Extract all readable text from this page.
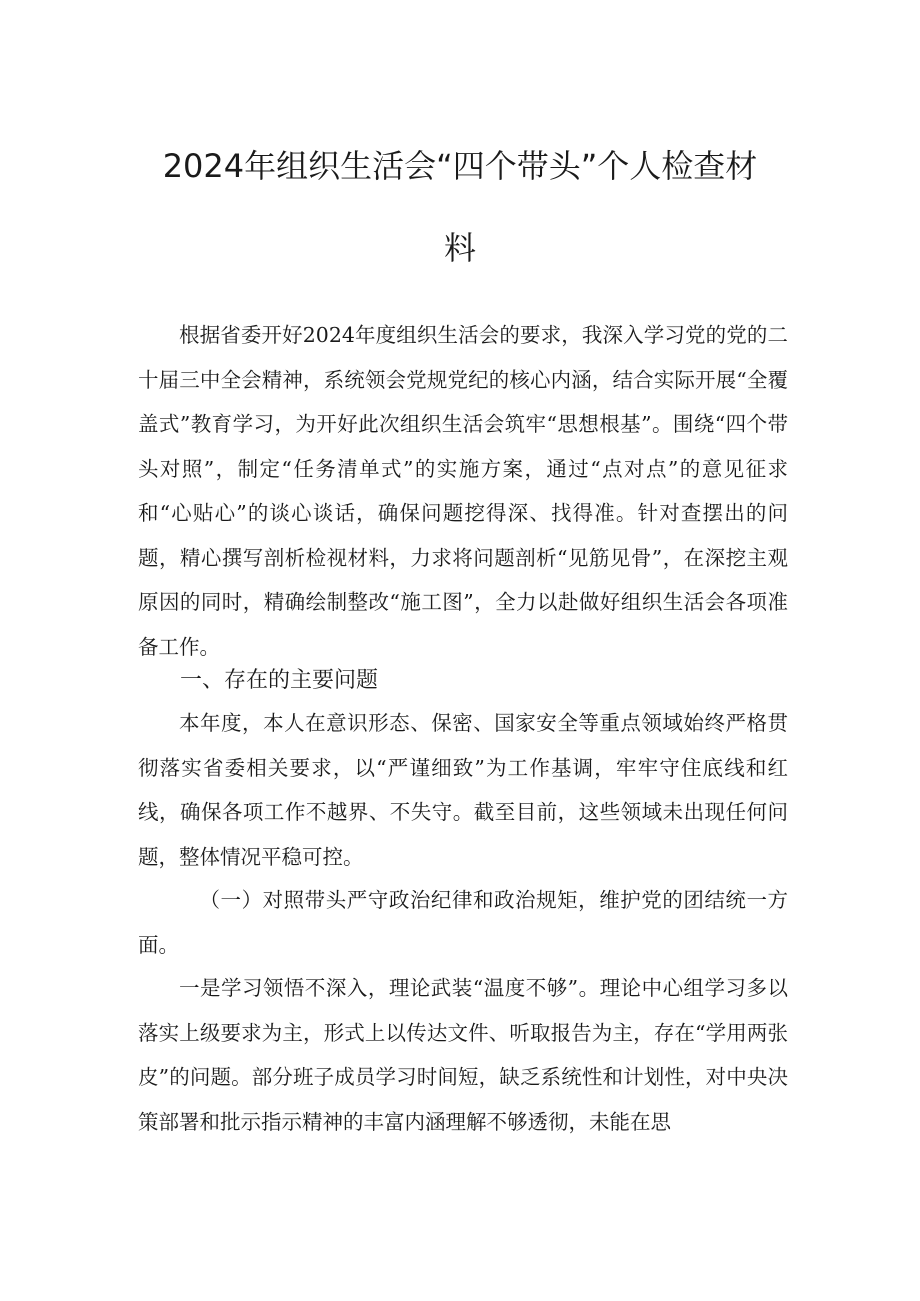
2024年组织生活会“四个带头”个人检查材
料

根据省委开好2024年度组织生活会的要求，我深入学习党的党的二十届三中全会精神，系统领会党规党纪的核心内涵，结合实际开展“全覆盖式”教育学习，为开好此次组织生活会筑牢“思想根基”。围绕“四个带头对照”，制定“任务清单式”的实施方案，通过“点对点”的意见征求和“心贴心”的谈心谈话，确保问题挖得深、找得准。针对查摆出的问题，精心撰写剖析检视材料，力求将问题剖析“见筋见骨”，在深挖主观原因的同时，精确绘制整改“施工图”，全力以赴做好组织生活会各项准备工作。

一、存在的主要问题

本年度，本人在意识形态、保密、国家安全等重点领域始终严格贯彻落实省委相关要求，以“严谨细致”为工作基调，牢牢守住底线和红线，确保各项工作不越界、不失守。截至目前，这些领域未出现任何问题，整体情况平稳可控。

（一）对照带头严守政治纪律和政治规矩，维护党的团结统一方面。

一是学习领悟不深入，理论武装“温度不够”。理论中心组学习多以落实上级要求为主，形式上以传达文件、听取报告为主，存在“学用两张皮”的问题。部分班子成员学习时间短，缺乏系统性和计划性，对中央决策部署和批示指示精神的丰富内涵理解不够透彻，未能在思
